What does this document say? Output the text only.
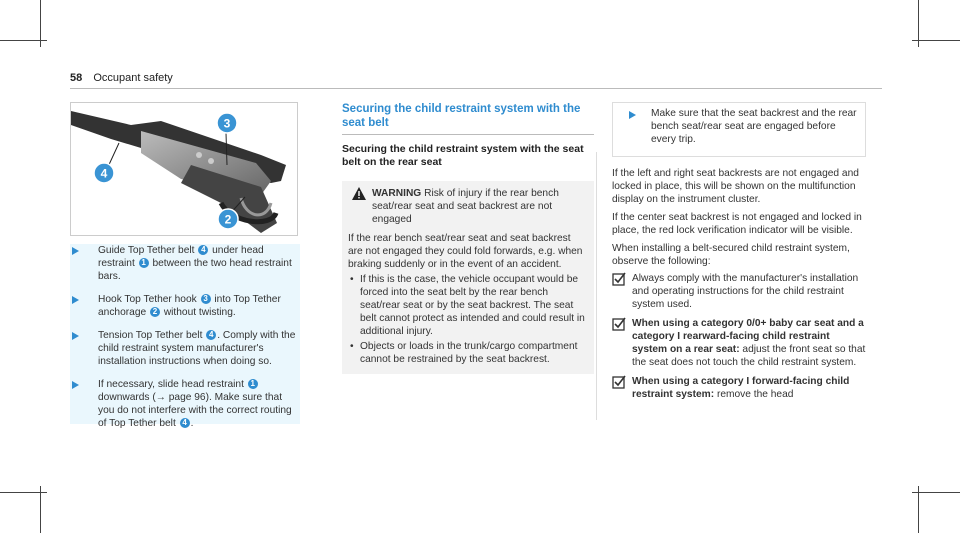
58 Occupant safety
3
4
2
Guide Top Tether belt 4 under head restraint 1 between the two head restraint bars.
Hook Top Tether hook 3 into Top Tether anchorage 2 without twisting.
Tension Top Tether belt 4 . Comply with the child restraint system manufacturer's installation instructions when doing so.
If necessary, slide head restraint 1 downwards (→ page 96). Make sure that you do not interfere with the correct routing of Top Tether belt 4 .
Securing the child restraint system with the seat belt
Securing the child restraint system with the seat belt on the rear seat
WARNING Risk of injury if the rear bench seat/rear seat and seat backrest are not engaged
If the rear bench seat/rear seat and seat backrest are not engaged they could fold forwards, e.g. when braking suddenly or in the event of an accident.
• If this is the case, the vehicle occupant would be forced into the seat belt by the rear bench seat/rear seat or by the seat backrest. The seat belt cannot protect as intended and could result in additional injury.
• Objects or loads in the trunk/cargo compartment cannot be restrained by the seat backrest.
Make sure that the seat backrest and the rear bench seat/rear seat are engaged before every trip.
If the left and right seat backrests are not engaged and locked in place, this will be shown on the multifunction display on the instrument cluster.
If the center seat backrest is not engaged and locked in place, the red lock verification indicator will be visible.
When installing a belt-secured child restraint system, observe the following:
Always comply with the manufacturer's installation and operating instructions for the child restraint system used.
When using a category 0/0+ baby car seat and a category I rearward-facing child restraint system on a rear seat: adjust the front seat so that the seat does not touch the child restraint system.
When using a category I forward-facing child restraint system: remove the head
